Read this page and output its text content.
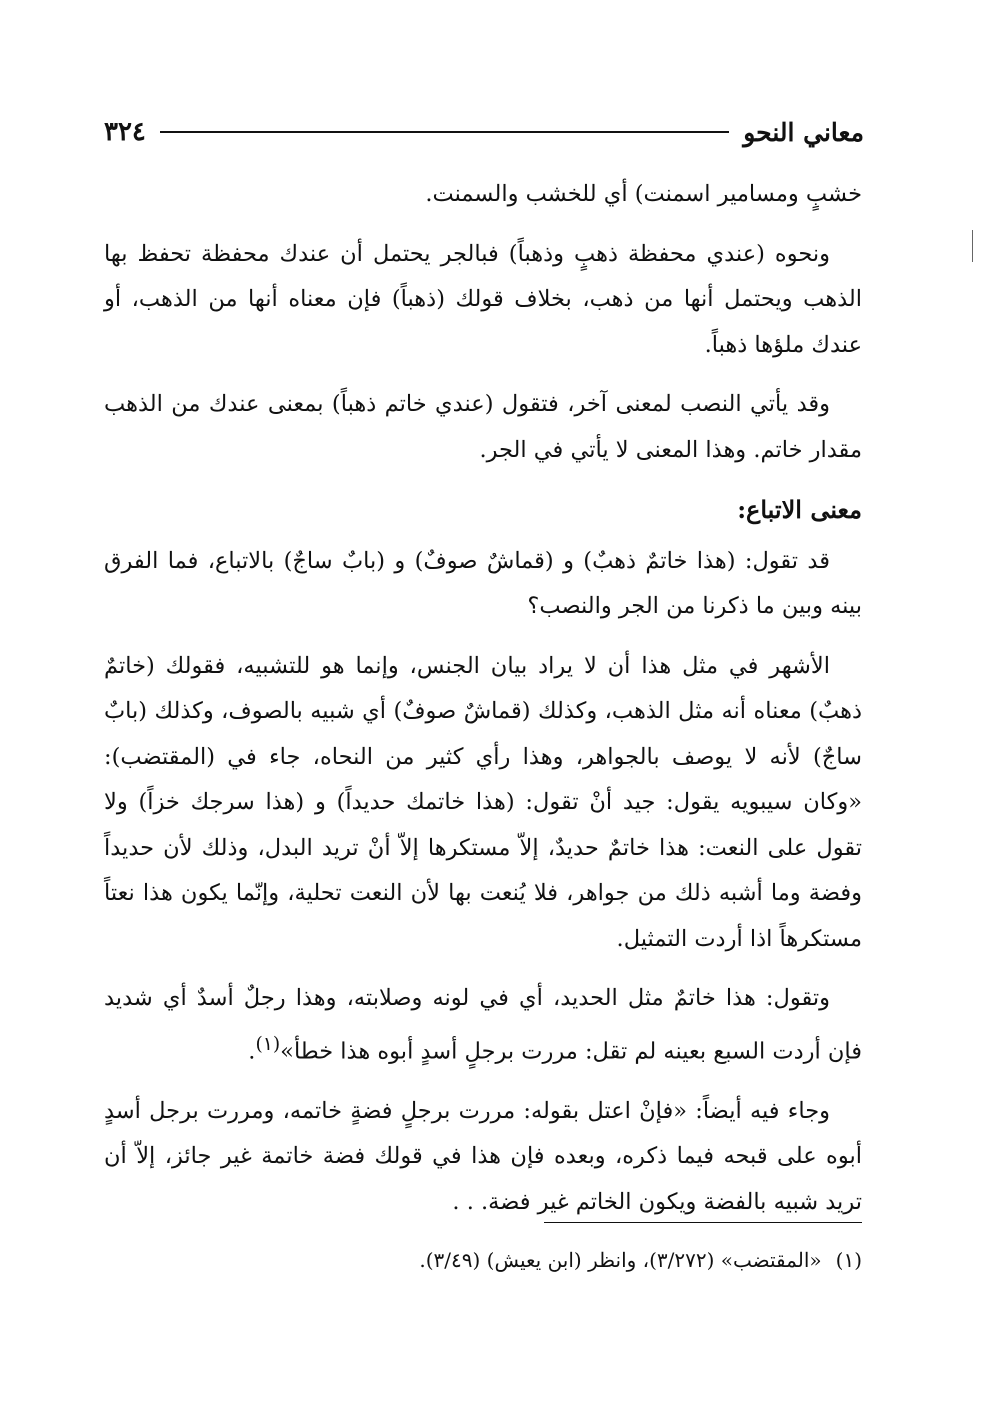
معاني النحو
٣٢٤

خشبٍ ومسامير اسمنت) أي للخشب والسمنت.

ونحوه (عندي محفظة ذهبٍ وذهباً) فبالجر يحتمل أن عندك محفظة تحفظ بها الذهب ويحتمل أنها من ذهب، بخلاف قولك (ذهباً) فإن معناه أنها من الذهب، أو عندك ملؤها ذهباً.

وقد يأتي النصب لمعنى آخر، فتقول (عندي خاتم ذهباً) بمعنى عندك من الذهب مقدار خاتم. وهذا المعنى لا يأتي في الجر.

معنى الاتباع:

قد تقول: (هذا خاتمٌ ذهبٌ) و (قماشٌ صوفٌ) و (بابٌ ساجٌ) بالاتباع، فما الفرق بينه وبين ما ذكرنا من الجر والنصب؟

الأشهر في مثل هذا أن لا يراد بيان الجنس، وإنما هو للتشبيه، فقولك (خاتمٌ ذهبٌ) معناه أنه مثل الذهب، وكذلك (قماشٌ صوفٌ) أي شبيه بالصوف، وكذلك (بابٌ ساجٌ) لأنه لا يوصف بالجواهر، وهذا رأي كثير من النحاه، جاء في (المقتضب): «وكان سيبويه يقول: جيد أنْ تقول: (هذا خاتمك حديداً) و (هذا سرجك خزاً) ولا تقول على النعت: هذا خاتمٌ حديدٌ، إلاّ مستكرها إلاّ أنْ تريد البدل، وذلك لأن حديداً وفضة وما أشبه ذلك من جواهر، فلا يُنعت بها لأن النعت تحلية، وإنّما يكون هذا نعتاً مستكرهاً اذا أردت التمثيل.

وتقول: هذا خاتمٌ مثل الحديد، أي في لونه وصلابته، وهذا رجلٌ أسدٌ أي شديد فإن أردت السبع بعينه لم تقل: مررت برجلٍ أسدٍ أبوه هذا خطأ»$^{(١)}$.

وجاء فيه أيضاً: «فإنْ اعتل بقوله: مررت برجلٍ فضةٍ خاتمه، ومررت برجل أسدٍ أبوه على قبحه فيما ذكره، وبعده فإن هذا في قولك فضة خاتمة غير جائز، إلاّ أن تريد شبيه بالفضة ويكون الخاتم غير فضة. . .

(١)«المقتضب» (٣/٢٧٢)، وانظر (ابن يعيش) (٣/٤٩).
